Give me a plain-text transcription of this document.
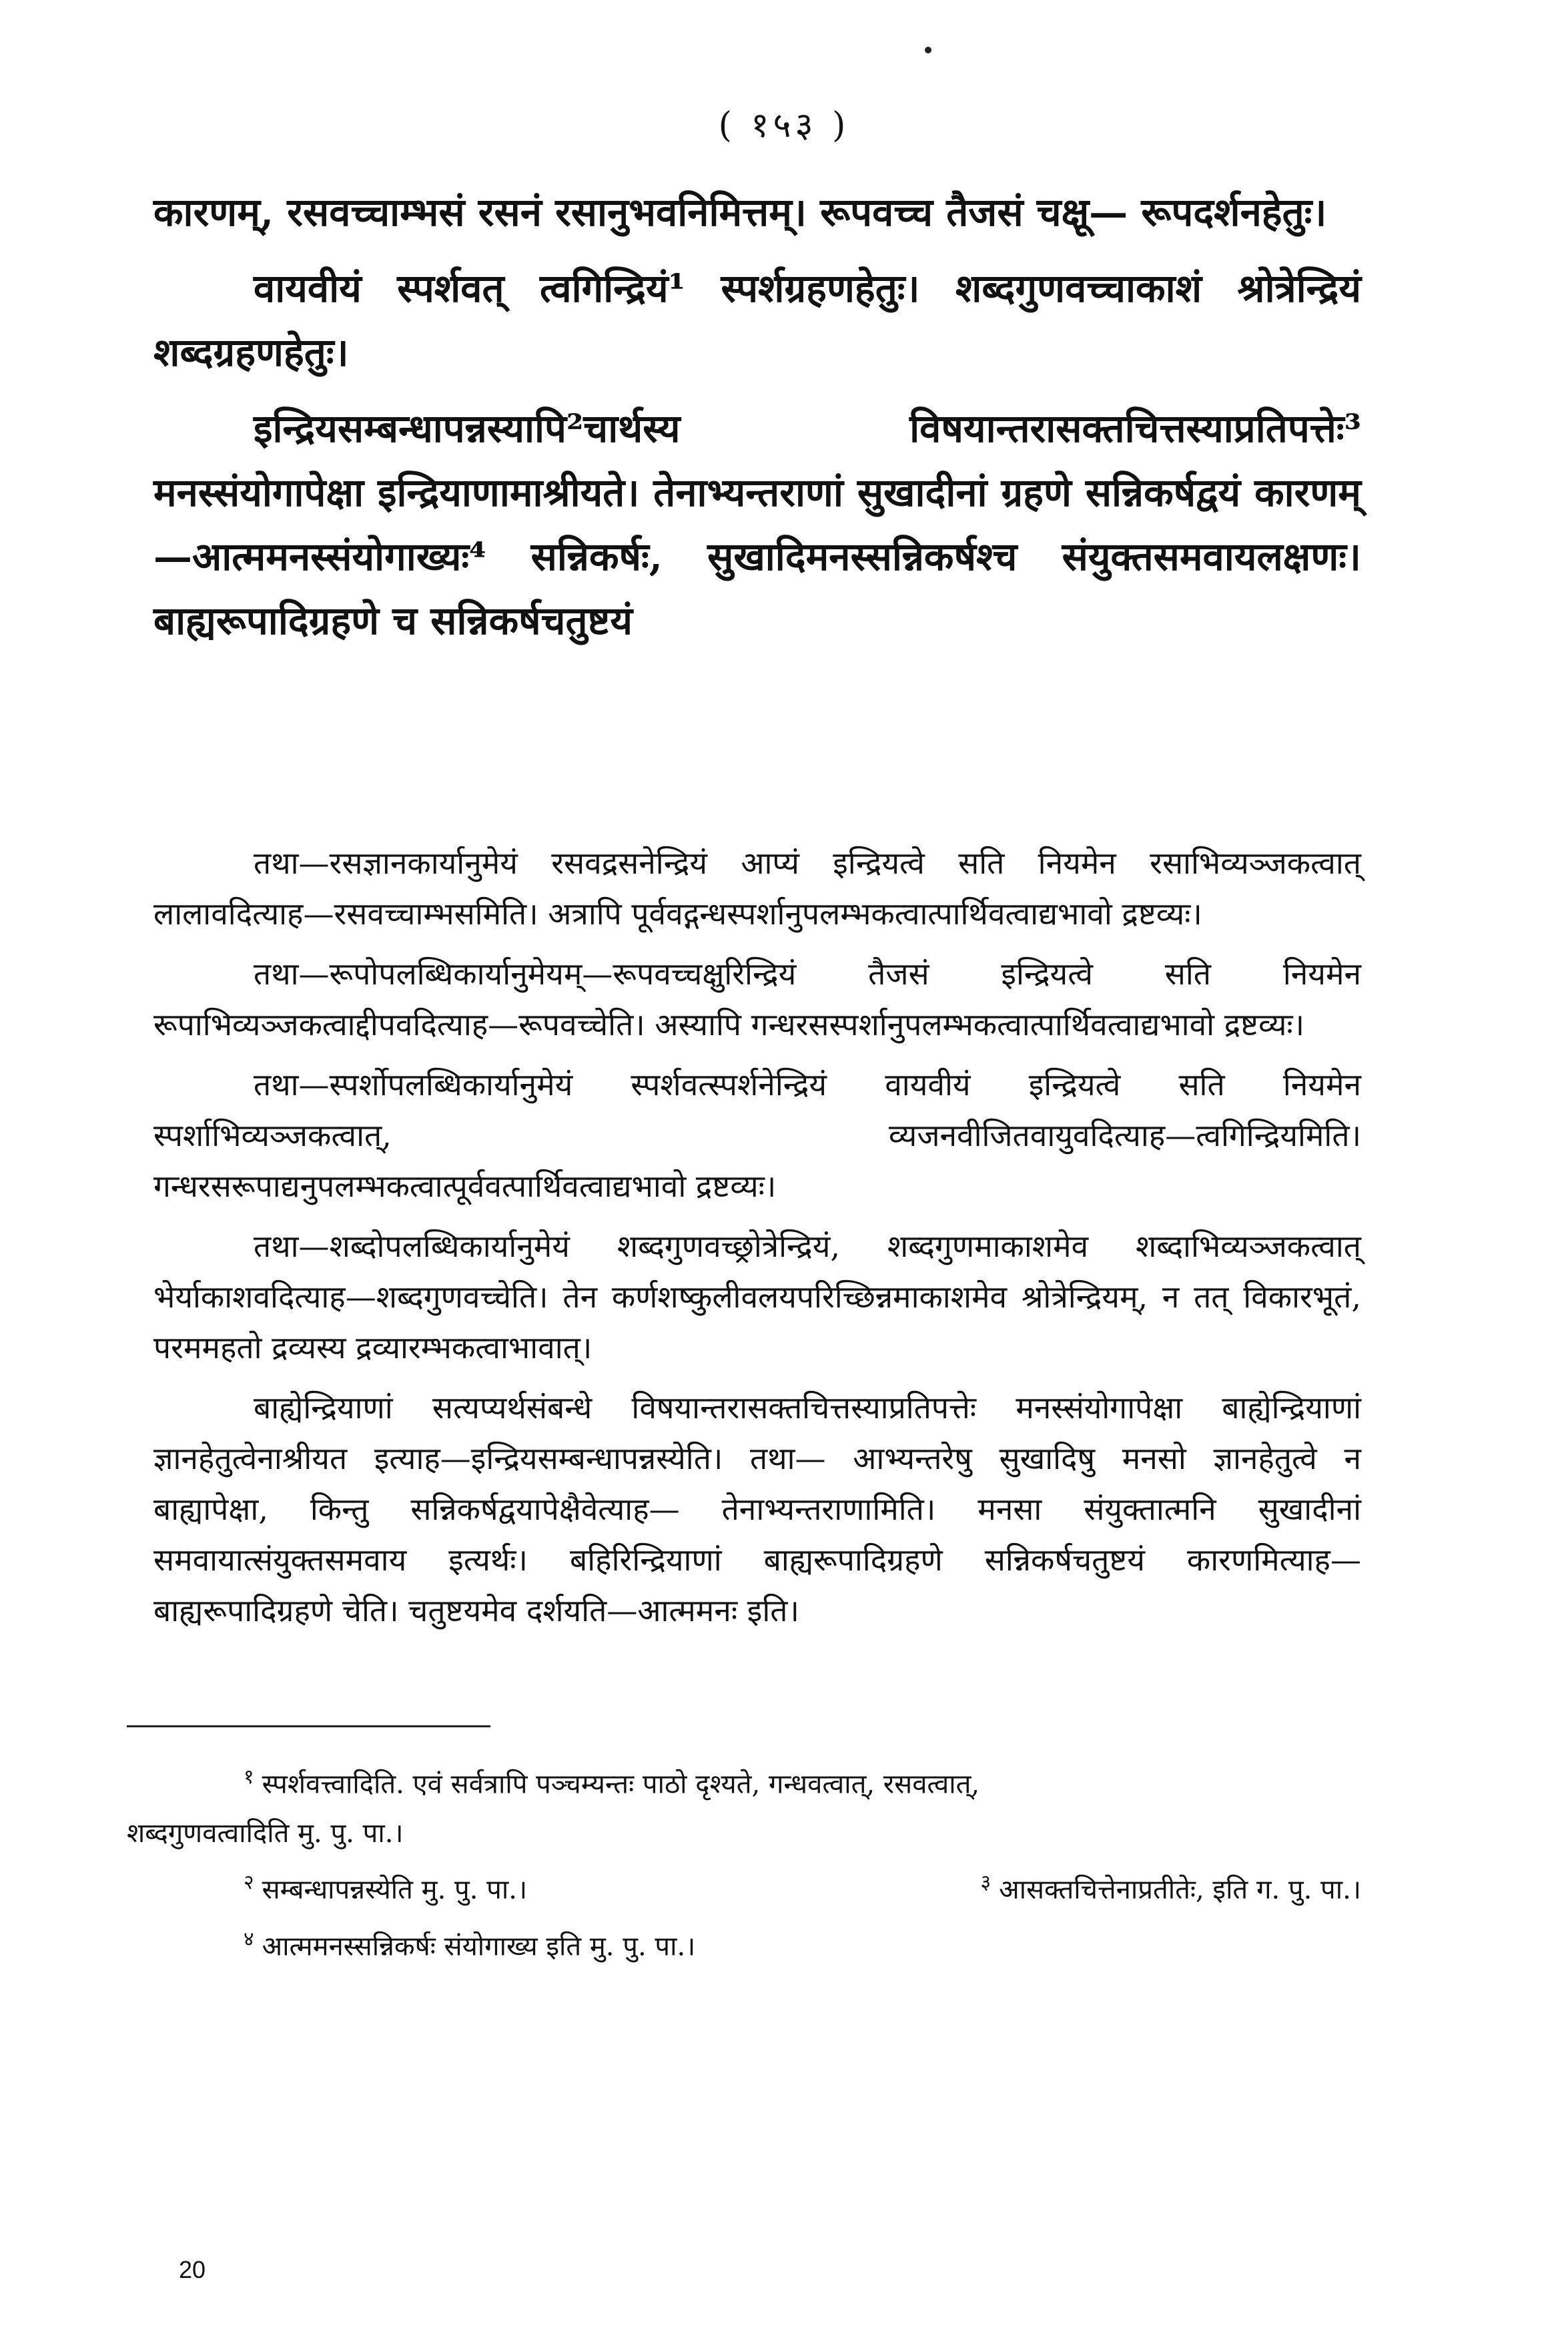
( १५३ )

कारणम्, रसवच्चाम्भसं रसनं रसानुभवनिमित्तम्। रूपवच्च तैजसं चक्षू— रूपदर्शनहेतुः।

वायवीयं स्पर्शवत् त्वगिन्द्रियं¹ स्पर्शग्रहणहेतुः। शब्दगुणवच्चाकाशं श्रोत्रेन्द्रियं शब्दग्रहणहेतुः।

इन्द्रियसम्बन्धापन्नस्यापि²चार्थस्य विषयान्तरासक्तचित्तस्याप्रतिपत्तेः³ मनस्संयोगापेक्षा इन्द्रियाणामाश्रीयते। तेनाभ्यन्तराणां सुखादीनां ग्रहणे सन्निकर्षद्वयं कारणम्—आत्ममनस्संयोगाख्यः⁴ सन्निकर्षः, सुखादिमनस्सन्निकर्षश्च संयुक्तसमवायलक्षणः। बाह्यरूपादिग्रहणे च सन्निकर्षचतुष्टयं

तथा—रसज्ञानकार्यानुमेयं रसवद्रसनेन्द्रियं आप्यं इन्द्रियत्वे सति नियमेन रसाभिव्यञ्जकत्वात् लालावदित्याह—रसवच्चाम्भसमिति। अत्रापि पूर्ववद्गन्धस्पर्शानुपलम्भकत्वात्पार्थिवत्वाद्यभावो द्रष्टव्यः।

तथा—रूपोपलब्धिकार्यानुमेयम्—रूपवच्चक्षुरिन्द्रियं तैजसं इन्द्रियत्वे सति नियमेन रूपाभिव्यञ्जकत्वाद्दीपवदित्याह—रूपवच्चेति। अस्यापि गन्धरसस्पर्शानुपलम्भकत्वात्पार्थिवत्वाद्यभावो द्रष्टव्यः।

तथा—स्पर्शोपलब्धिकार्यानुमेयं स्पर्शवत्स्पर्शनेन्द्रियं वायवीयं इन्द्रियत्वे सति नियमेन स्पर्शाभिव्यञ्जकत्वात्, व्यजनवीजितवायुवदित्याह—त्वगिन्द्रियमिति। गन्धरसरूपाद्यनुपलम्भकत्वात्पूर्ववत्पार्थिवत्वाद्यभावो द्रष्टव्यः।

तथा—शब्दोपलब्धिकार्यानुमेयं शब्दगुणवच्छ्रोत्रेन्द्रियं, शब्दगुणमाकाशमेव शब्दाभिव्यञ्जकत्वात् भेर्याकाशवदित्याह—शब्दगुणवच्चेति। तेन कर्णशष्कुलीवलयपरिच्छिन्नमाकाशमेव श्रोत्रेन्द्रियम्, न तत् विकारभूतं, परममहतो द्रव्यस्य द्रव्यारम्भकत्वाभावात्।

बाह्येन्द्रियाणां सत्यप्यर्थसंबन्धे विषयान्तरासक्तचित्तस्याप्रतिपत्तेः मनस्संयोगापेक्षा बाह्येन्द्रियाणां ज्ञानहेतुत्वेनाश्रीयत इत्याह—इन्द्रियसम्बन्धापन्नस्येति। तथा— आभ्यन्तरेषु सुखादिषु मनसो ज्ञानहेतुत्वे न बाह्यापेक्षा, किन्तु सन्निकर्षद्वयापेक्षैवेत्याह— तेनाभ्यन्तराणामिति। मनसा संयुक्तात्मनि सुखादीनां समवायात्संयुक्तसमवाय इत्यर्थः। बहिरिन्द्रियाणां बाह्यरूपादिग्रहणे सन्निकर्षचतुष्टयं कारणमित्याह—बाह्यरूपादिग्रहणे चेति। चतुष्टयमेव दर्शयति—आत्ममनः इति।

$^१$ स्पर्शवत्त्वादिति. एवं सर्वत्रापि पञ्चम्यन्तः पाठो दृश्यते, गन्धवत्वात्, रसवत्वात्,

शब्दगुणवत्वादिति मु. पु. पा.।

$^२$ सम्बन्धापन्नस्येति मु. पु. पा.।	$^३$ आसक्तचित्तेनाप्रतीतेः, इति ग. पु. पा.।

$^४$ आत्ममनस्सन्निकर्षः संयोगाख्य इति मु. पु. पा.।

20
